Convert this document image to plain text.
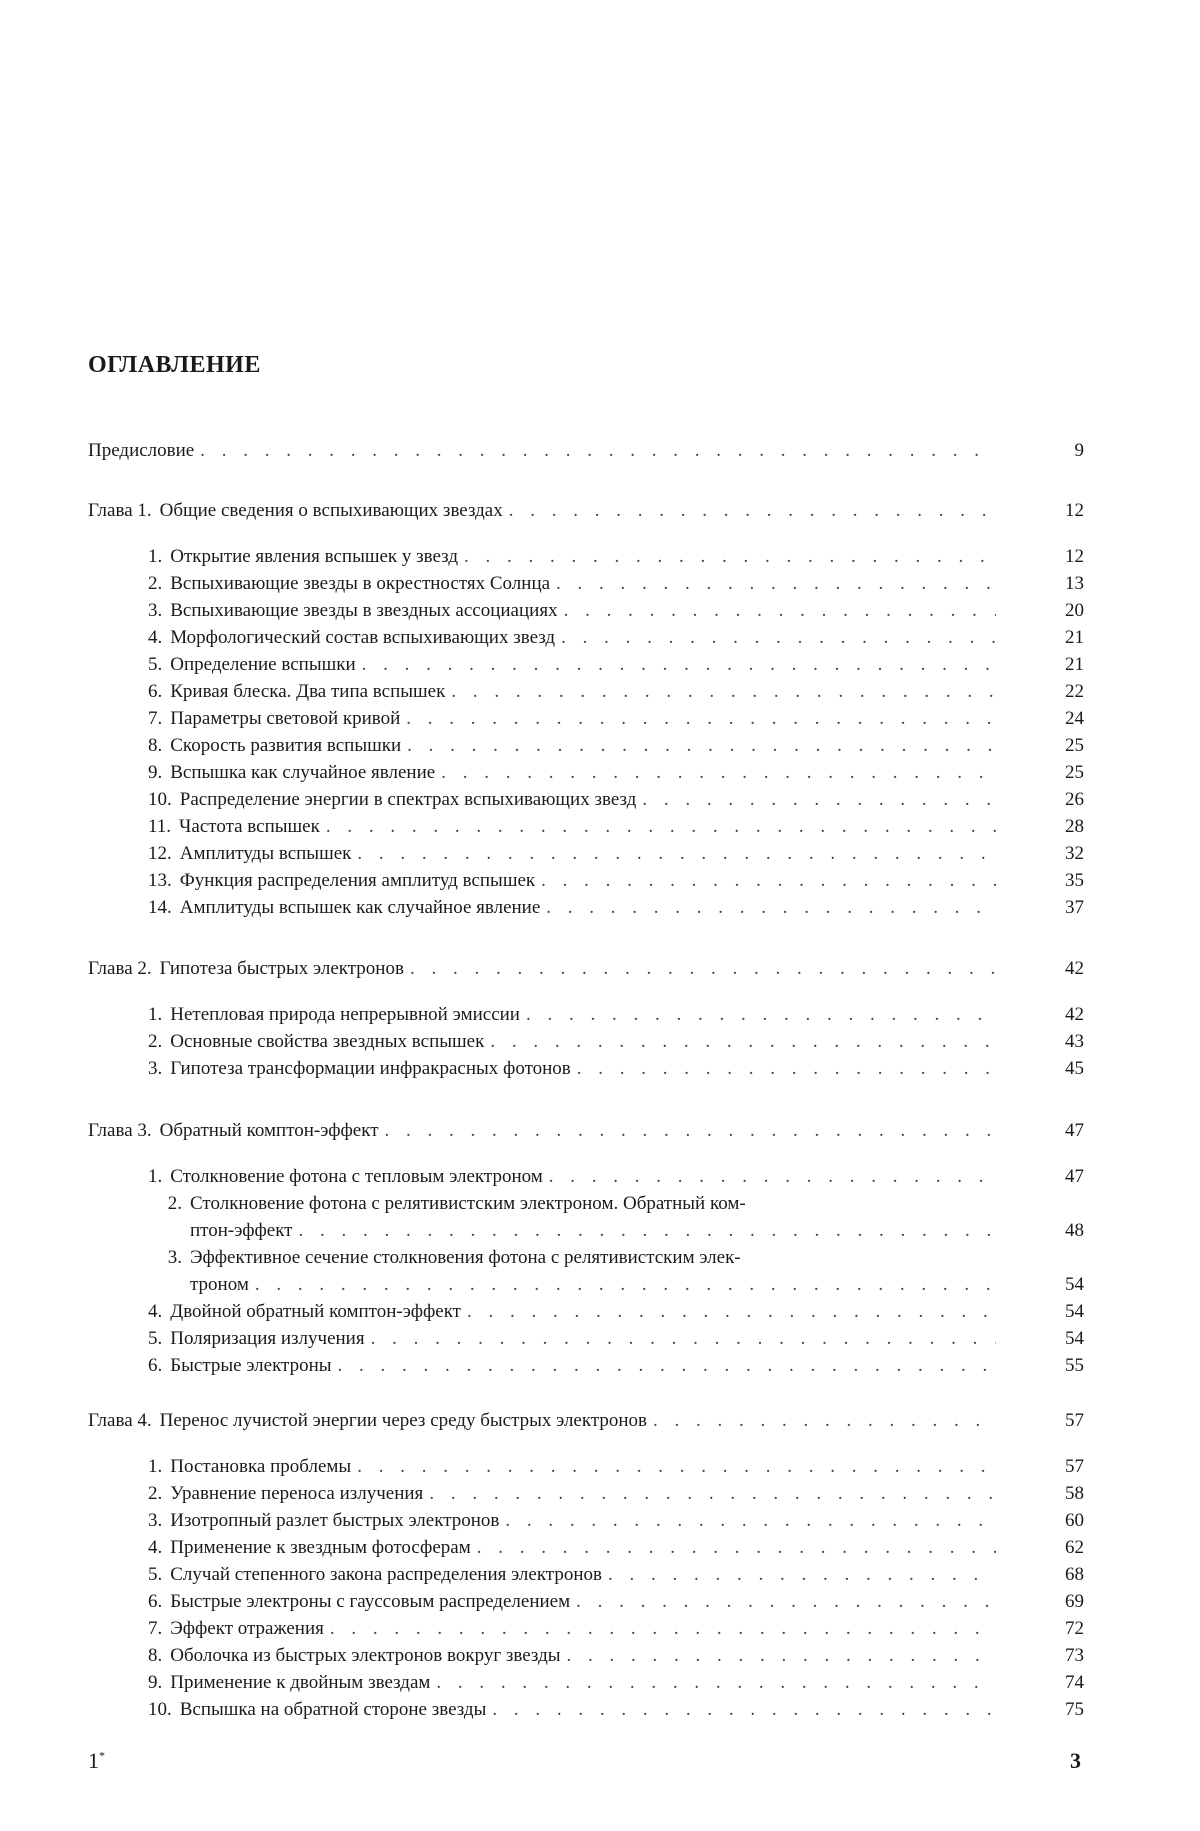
ОГЛАВЛЕНИЕ
Предисловие . . .	9
Глава 1. Общие сведения о вспыхивающих звездах . . .	12
1. Открытие явления вспышек у звезд . . .	12
2. Вспыхивающие звезды в окрестностях Солнца . . .	13
3. Вспыхивающие звезды в звездных ассоциациях . . .	20
4. Морфологический состав вспыхивающих звезд . . .	21
5. Определение вспышки . . .	21
6. Кривая блеска. Два типа вспышек . . .	22
7. Параметры световой кривой . . .	24
8. Скорость развития вспышки . . .	25
9. Вспышка как случайное явление . . .	25
10. Распределение энергии в спектрах вспыхивающих звезд . . .	26
11. Частота вспышек . . .	28
12. Амплитуды вспышек . . .	32
13. Функция распределения амплитуд вспышек . . .	35
14. Амплитуды вспышек как случайное явление . . .	37
Глава 2. Гипотеза быстрых электронов . . .	42
1. Нетепловая природа непрерывной эмиссии . . .	42
2. Основные свойства звездных вспышек . . .	43
3. Гипотеза трансформации инфракрасных фотонов . . .	45
Глава 3. Обратный комптон-эффект . . .	47
1. Столкновение фотона с тепловым электроном . . .	47
2. Столкновение фотона с релятивистским электроном. Обратный ком-
птон-эффект . . .	48
3. Эффективное сечение столкновения фотона с релятивистским элек-
троном . . .	54
4. Двойной обратный комптон-эффект . . .	54
5. Поляризация излучения . . .	54
6. Быстрые электроны . . .	55
Глава 4. Перенос лучистой энергии через среду быстрых электронов . . .	57
1. Постановка проблемы . . .	57
2. Уравнение переноса излучения . . .	58
3. Изотропный разлет быстрых электронов . . .	60
4. Применение к звездным фотосферам . . .	62
5. Случай степенного закона распределения электронов . . .	68
6. Быстрые электроны с гауссовым распределением . . .	69
7. Эффект отражения . . .	72
8. Оболочка из быстрых электронов вокруг звезды . . .	73
9. Применение к двойным звездам . . .	74
10. Вспышка на обратной стороне звезды . . .	75
1*	3
